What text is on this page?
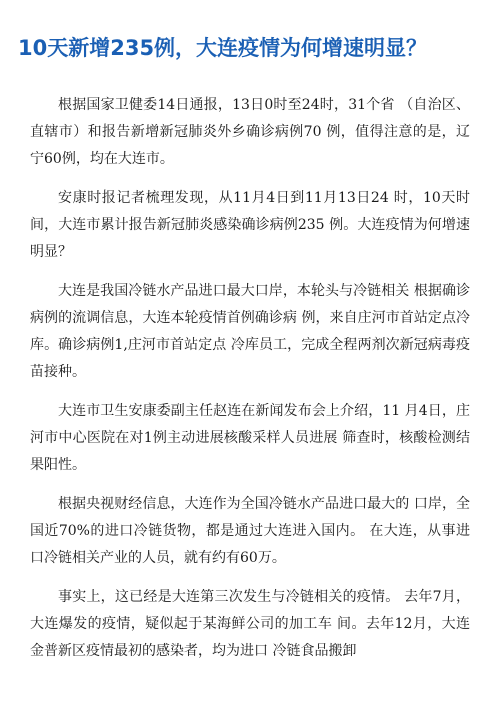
10天新增235例，大连疫情为何增速明显？

根据国家卫健委14日通报，13日0时至24时，31个省 （自治区、直辖市）和报告新增新冠肺炎外乡确诊病例70 例，值得注意的是，辽宁60例，均在大连市。

安康时报记者梳理发现，从11月4日到11月13日24 时，10天时间，大连市累计报告新冠肺炎感染确诊病例235 例。大连疫情为何增速明显？

大连是我国冷链水产品进口最大口岸，本轮头与冷链相关 根据确诊病例的流调信息，大连本轮疫情首例确诊病 例，来自庄河市首站定点冷库。确诊病例1,庄河市首站定点 冷库员工，完成全程两剂次新冠病毒疫苗接种。

大连市卫生安康委副主任赵连在新闻发布会上介绍，11 月4日，庄河市中心医院在对1例主动进展核酸采样人员进展 筛查时，核酸检测结果阳性。

根据央视财经信息，大连作为全国冷链水产品进口最大的 口岸，全国近70%的进口冷链货物，都是通过大连进入国内。 在大连，从事进口冷链相关产业的人员，就有约有60万。

事实上，这已经是大连第三次发生与冷链相关的疫情。 去年7月，大连爆发的疫情，疑似起于某海鲜公司的加工车 间。去年12月，大连金普新区疫情最初的感染者，均为进口 冷链食品搬卸
